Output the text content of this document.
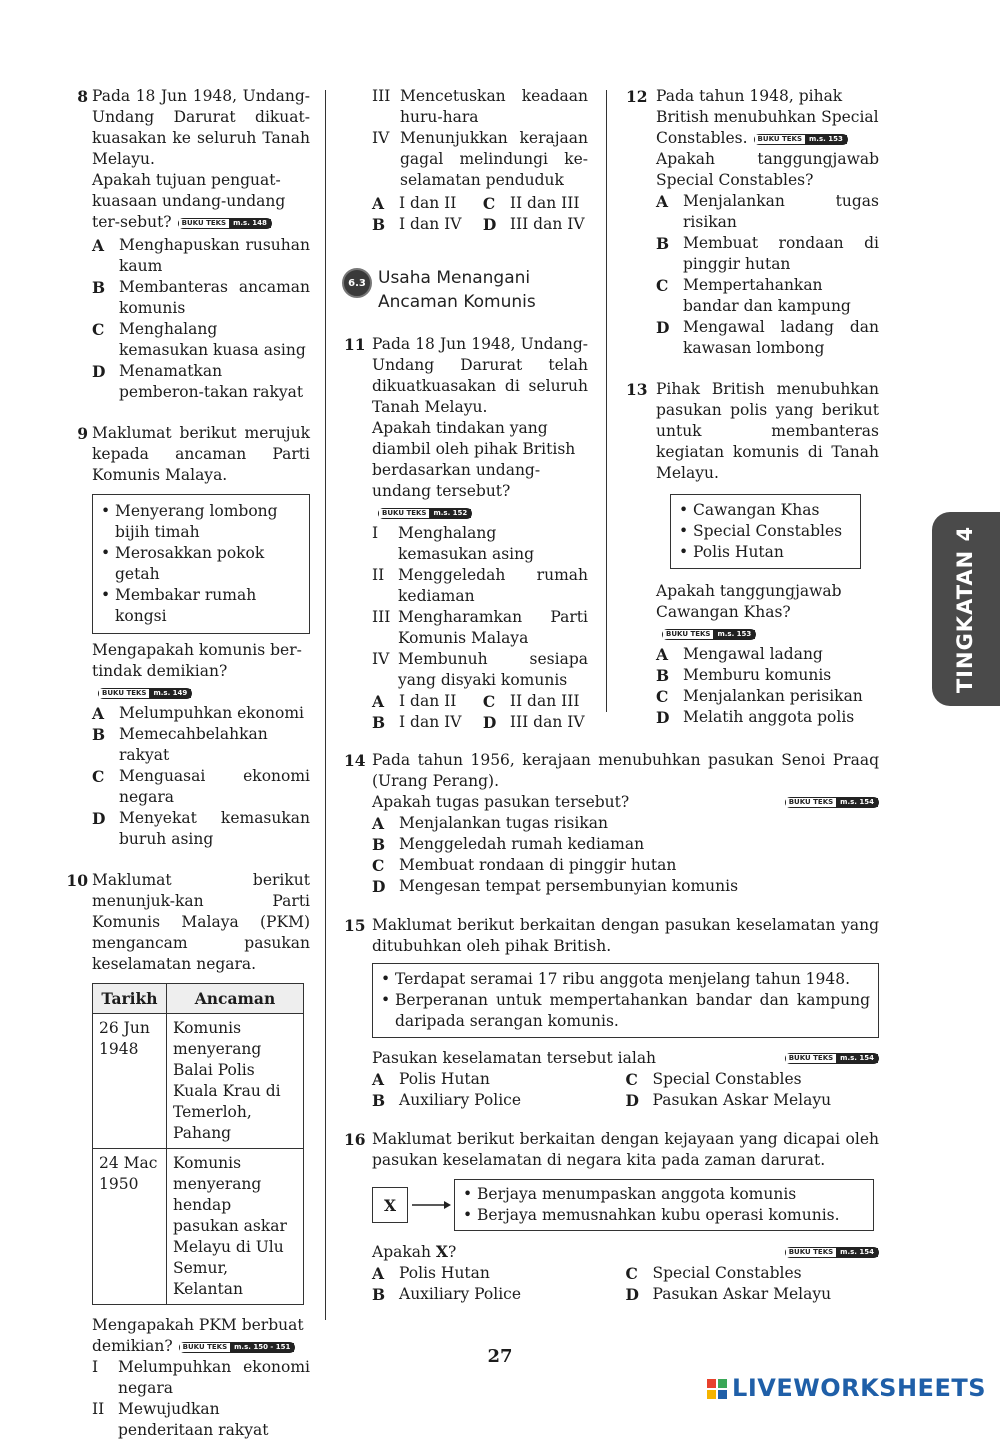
8 Pada 18 Jun 1948, Undang-Undang Darurat dikuat-kuasakan ke seluruh Tanah Melayu.
Apakah tujuan penguat-kuasaan undang-undang ter-sebut?	BUKU TEKS	m.s. 148
A Menghapuskan rusuhan kaum
B Membanteras ancaman komunis
C Menghalang kemasukan kuasa asing
D Menamatkan pemberon-takan rakyat
9 Maklumat berikut merujuk kepada ancaman Parti Komunis Malaya.
• Menyerang lombong bijih timah
• Merosakkan pokok getah
• Membakar rumah kongsi
Mengapakah komunis ber-tindak demikian?
BUKU TEKS	m.s. 149
A Melumpuhkan ekonomi
B Memecahbelahkan rakyat
C Menguasai ekonomi negara
D Menyekat kemasukan buruh asing
10 Maklumat berikut menunjuk-kan Parti Komunis Malaya (PKM) mengancam pasukan keselamatan negara.
Tarikh	Ancaman
26 Jun 1948	Komunis menyerang Balai Polis Kuala Krau di Temerloh, Pahang
24 Mac 1950	Komunis menyerang hendap pasukan askar Melayu di Ulu Semur, Kelantan
Mengapakah PKM berbuat demikian?	BUKU TEKS	m.s. 150 - 151
I	Melumpuhkan ekonomi negara
II Mewujudkan penderitaan rakyat
III Mencetuskan keadaan huru-hara
IV Menunjukkan kerajaan gagal melindungi ke-selamatan penduduk
A I dan II	C II dan III
B I dan IV D III dan IV
6.3 Usaha Menangani
Ancaman Komunis
11 Pada 18 Jun 1948, Undang-Undang Darurat telah dikuatkuasakan di seluruh Tanah Melayu.
Apakah tindakan yang diambil oleh pihak British berdasarkan undang-undang tersebut?
BUKU TEKS	m.s. 152
I	Menghalang kemasukan asing
II Menggeledah rumah kediaman
III Mengharamkan Parti Komunis Malaya
IV Membunuh sesiapa yang disyaki komunis
A I dan II	C II dan III
B I dan IV D III dan IV
12 Pada tahun 1948, pihak British menubuhkan Special Constables.	BUKU TEKS	m.s. 153
Apakah tanggungjawab Special Constables?
A Menjalankan tugas risikan
B Membuat rondaan di pinggir hutan
C Mempertahankan bandar dan kampung
D Mengawal ladang dan kawasan lombong
13 Pihak British menubuhkan pasukan polis yang berikut untuk membanteras kegiatan komunis di Tanah Melayu.
• Cawangan Khas
• Special Constables
• Polis Hutan
Apakah tanggungjawab Cawangan Khas?
BUKU TEKS	m.s. 153
A Mengawal ladang
B Memburu komunis
C Menjalankan perisikan
D Melatih anggota polis
TINGKATAN 4
14 Pada tahun 1956, kerajaan menubuhkan pasukan Senoi Praaq (Urang Perang).
Apakah tugas pasukan tersebut?	BUKU TEKS	m.s. 154
A Menjalankan tugas risikan
B Menggeledah rumah kediaman
C Membuat rondaan di pinggir hutan
D Mengesan tempat persembunyian komunis
15 Maklumat berikut berkaitan dengan pasukan keselamatan yang ditubuhkan oleh pihak British.
• Terdapat seramai 17 ribu anggota menjelang tahun 1948.
• Berperanan untuk mempertahankan bandar dan kampung daripada serangan komunis.
Pasukan keselamatan tersebut ialah	BUKU TEKS	m.s. 154
A Polis Hutan	C Special Constables
B Auxiliary Police	D Pasukan Askar Melayu
16 Maklumat berikut berkaitan dengan kejayaan yang dicapai oleh pasukan keselamatan di negara kita pada zaman darurat.
X
• Berjaya menumpaskan anggota komunis
• Berjaya memusnahkan kubu operasi komunis.
Apakah X?	BUKU TEKS	m.s. 154
A Polis Hutan	C Special Constables
B Auxiliary Police	D Pasukan Askar Melayu
27
LIVEWORKSHEETS
